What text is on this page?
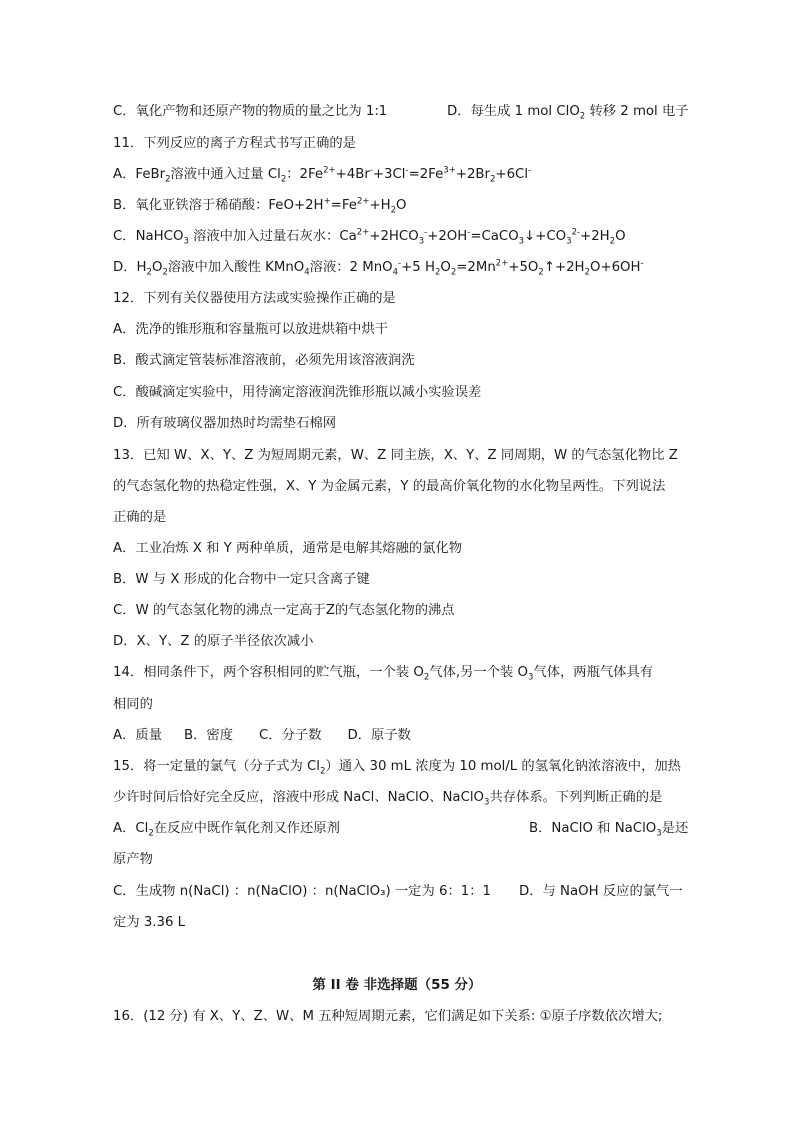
C．氧化产物和还原产物的物质的量之比为 1:1	D．每生成 1 mol ClO$_2$ 转移 2 mol 电子
11．下列反应的离子方程式书写正确的是
A．FeBr$_2$溶液中通入过量 $Cl_2$：$2Fe^{2+}+4Br^-+3Cl^-=2Fe^{3+}+2Br_2+6Cl^-$
B．氧化亚铁溶于稀硝酸：$FeO+2H^+=Fe^{2+}+H_2O$
C．NaHCO$_3$ 溶液中加入过量石灰水：$Ca^{2+}+2HCO_3^-+2OH^-=CaCO_3↓+CO_3^{2-}+2H_2O$
D．$H_2O_2$溶液中加入酸性 KMnO$_4$溶液：2 MnO$_4$-+5 $H_2O_2=2Mn^{2+}+5O_2↑+2H_2O+6OH^-$
12．下列有关仪器使用方法或实验操作正确的是
A．洗净的锥形瓶和容量瓶可以放进烘箱中烘干
B．酸式滴定管装标准溶液前，必须先用该溶液润洗
C．酸碱滴定实验中，用待滴定溶液润洗锥形瓶以减小实验误差
D．所有玻璃仪器加热时均需垫石棉网
13．已知 W、X、Y、Z 为短周期元素，W、Z 同主族，X、Y、Z 同周期，W 的气态氢化物比 Z
的气态氢化物的热稳定性强，X、Y 为金属元素，Y 的最高价氧化物的水化物呈两性。下列说法
正确的是
A．工业冶炼 X 和 Y 两种单质，通常是电解其熔融的氯化物
B．W 与 X 形成的化合物中一定只含离子键
C．W 的气态氢化物的沸点一定高于Z的气态氢化物的沸点
D．X、Y、Z 的原子半径依次减小
14．相同条件下，两个容积相同的贮气瓶，一个装 $O_2$气体,另一个装 $O_3$气体，两瓶气体具有
相同的
A．质量 B．密度 C．分子数 D．原子数
15．将一定量的氯气（分子式为 $Cl_2$）通入 30 mL 浓度为 10 mol/L 的氢氧化钠浓溶液中，加热
少许时间后恰好完全反应，溶液中形成 NaCl、NaClO、NaClO$_3$共存体系。下列判断正确的是
A．$Cl_2$在反应中既作氧化剂又作还原剂	B．NaClO 和 NaClO$_3$是还
原产物
C．生成物 n(NaCl) ：n(NaClO) ：n(NaClO₃) 一定为 6：1：1 D．与 NaOH 反应的氯气一
定为 3.36 L
第 II 卷 非选择题（55 分）
16．(12 分) 有 X、Y、Z、W、M 五种短周期元素，它们满足如下关系: ①原子序数依次增大;
